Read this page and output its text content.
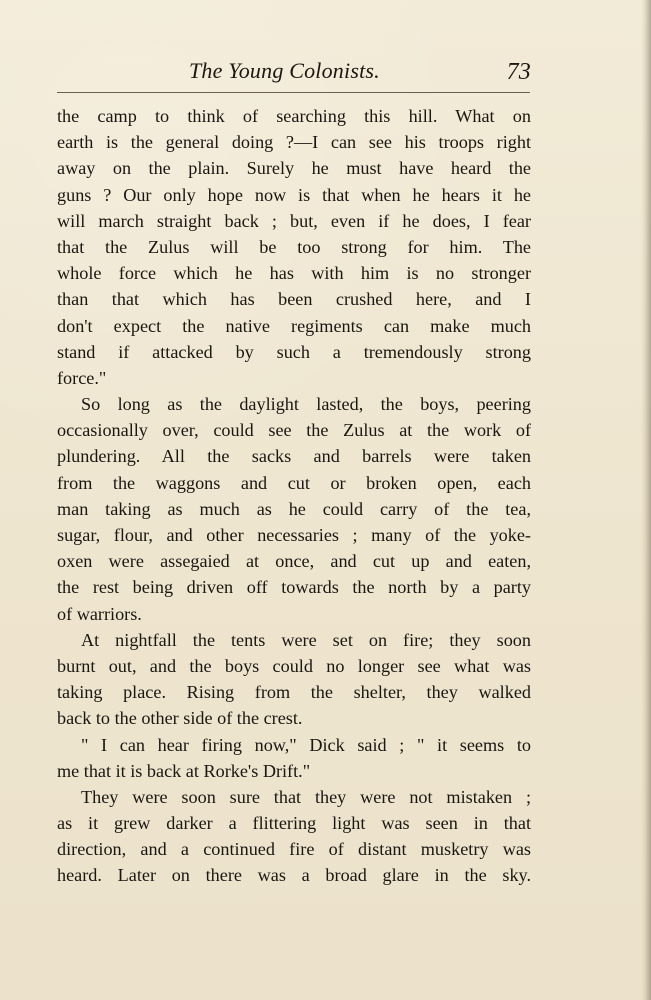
The Young Colonists.	73
the camp to think of searching this hill. What on
earth is the general doing ?—I can see his troops right
away on the plain. Surely he must have heard the
guns ? Our only hope now is that when he hears it he
will march straight back ; but, even if he does, I fear
that the Zulus will be too strong for him. The
whole force which he has with him is no stronger
than that which has been crushed here, and I
don't expect the native regiments can make much
stand if attacked by such a tremendously strong
force."
So long as the daylight lasted, the boys, peering
occasionally over, could see the Zulus at the work of
plundering. All the sacks and barrels were taken
from the waggons and cut or broken open, each
man taking as much as he could carry of the tea,
sugar, flour, and other necessaries ; many of the yoke-
oxen were assegaied at once, and cut up and eaten,
the rest being driven off towards the north by a party
of warriors.
At nightfall the tents were set on fire; they soon
burnt out, and the boys could no longer see what was
taking place. Rising from the shelter, they walked
back to the other side of the crest.
" I can hear firing now," Dick said ; " it seems to
me that it is back at Rorke's Drift."
They were soon sure that they were not mistaken ;
as it grew darker a flittering light was seen in that
direction, and a continued fire of distant musketry was
heard. Later on there was a broad glare in the sky.
